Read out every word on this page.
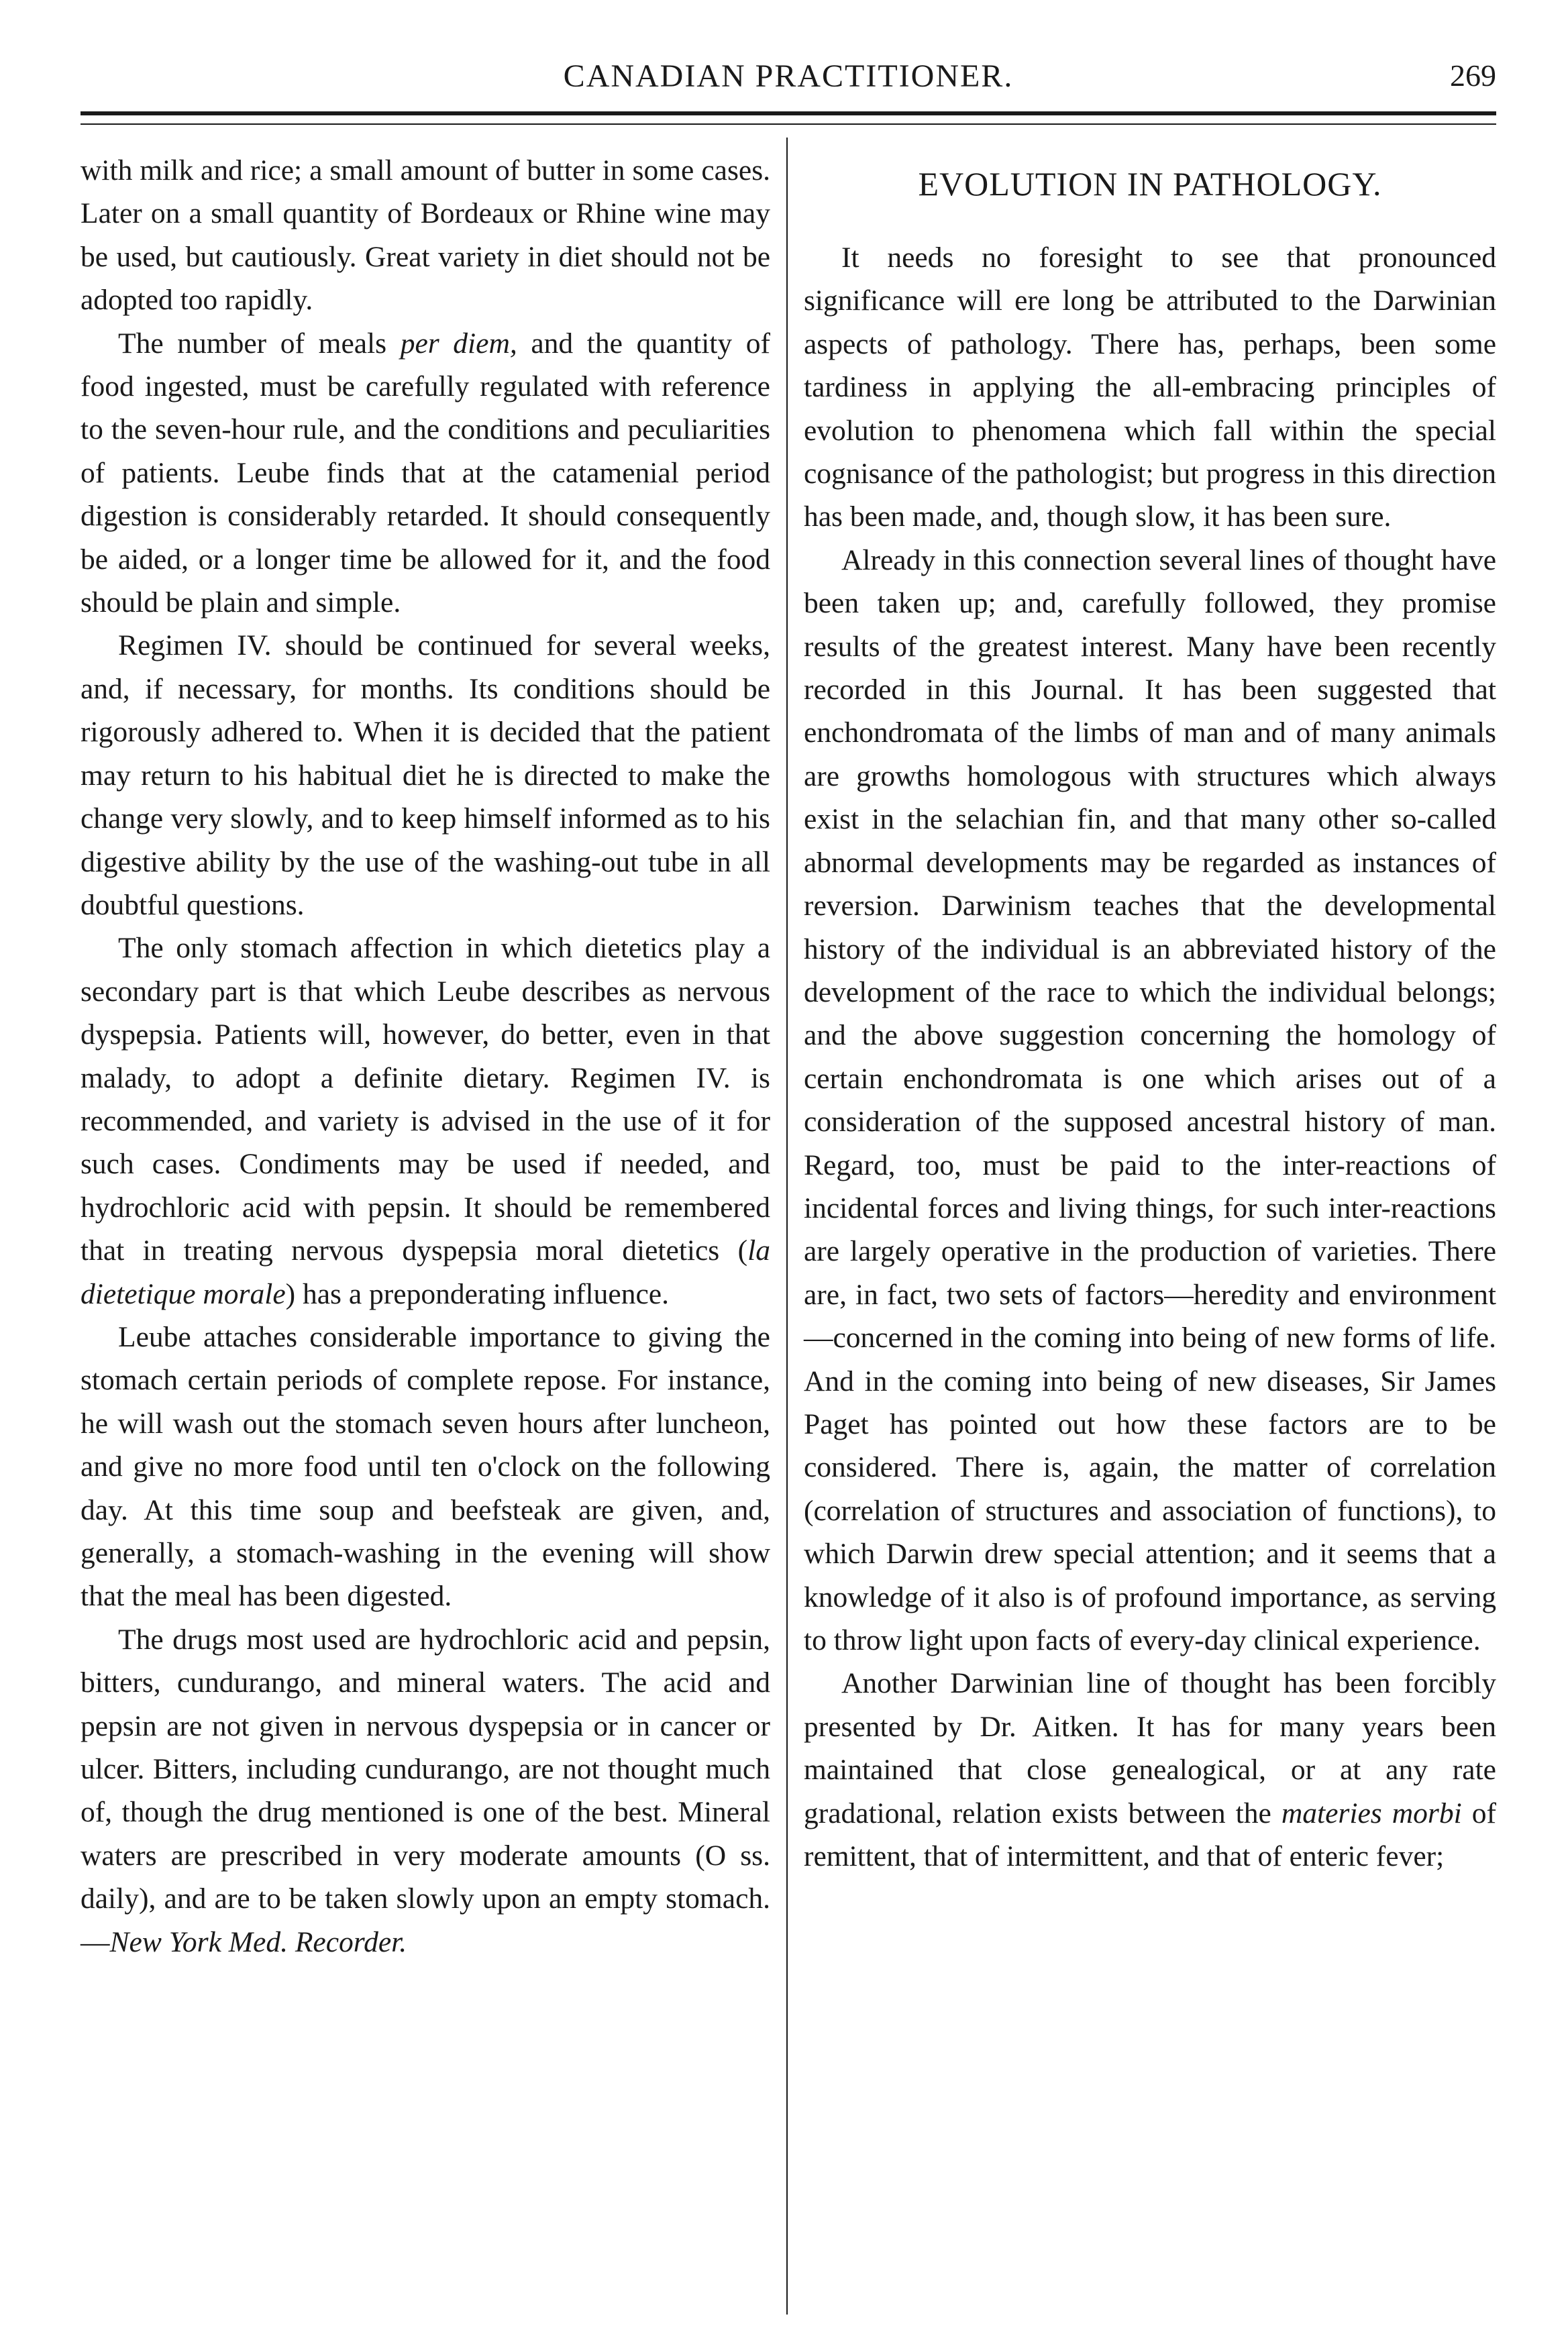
CANADIAN PRACTITIONER.	269

with milk and rice; a small amount of butter in some cases. Later on a small quantity of Bordeaux or Rhine wine may be used, but cautiously. Great variety in diet should not be adopted too rapidly.

The number of meals per diem, and the quantity of food ingested, must be carefully regulated with reference to the seven-hour rule, and the conditions and peculiarities of patients. Leube finds that at the catamenial period digestion is considerably retarded. It should consequently be aided, or a longer time be allowed for it, and the food should be plain and simple.

Regimen IV. should be continued for several weeks, and, if necessary, for months. Its conditions should be rigorously adhered to. When it is decided that the patient may return to his habitual diet he is directed to make the change very slowly, and to keep himself informed as to his digestive ability by the use of the washing-out tube in all doubtful questions.

The only stomach affection in which dietetics play a secondary part is that which Leube describes as nervous dyspepsia. Patients will, however, do better, even in that malady, to adopt a definite dietary. Regimen IV. is recommended, and variety is advised in the use of it for such cases. Condiments may be used if needed, and hydrochloric acid with pepsin. It should be remembered that in treating nervous dyspepsia moral dietetics (la dietetique morale) has a preponderating influence.

Leube attaches considerable importance to giving the stomach certain periods of complete repose. For instance, he will wash out the stomach seven hours after luncheon, and give no more food until ten o'clock on the following day. At this time soup and beefsteak are given, and, generally, a stomach-washing in the evening will show that the meal has been digested.

The drugs most used are hydrochloric acid and pepsin, bitters, cundurango, and mineral waters. The acid and pepsin are not given in nervous dyspepsia or in cancer or ulcer. Bitters, including cundurango, are not thought much of, though the drug mentioned is one of the best. Mineral waters are prescribed in very moderate amounts (O ss. daily), and are to be taken slowly upon an empty stomach.—New York Med. Recorder.

EVOLUTION IN PATHOLOGY.

It needs no foresight to see that pronounced significance will ere long be attributed to the Darwinian aspects of pathology. There has, perhaps, been some tardiness in applying the all-embracing principles of evolution to phenomena which fall within the special cognisance of the pathologist; but progress in this direction has been made, and, though slow, it has been sure.

Already in this connection several lines of thought have been taken up; and, carefully followed, they promise results of the greatest interest. Many have been recently recorded in this Journal. It has been suggested that enchondromata of the limbs of man and of many animals are growths homologous with structures which always exist in the selachian fin, and that many other so-called abnormal developments may be regarded as instances of reversion. Darwinism teaches that the developmental history of the individual is an abbreviated history of the development of the race to which the individual belongs; and the above suggestion concerning the homology of certain enchondromata is one which arises out of a consideration of the supposed ancestral history of man. Regard, too, must be paid to the inter-reactions of incidental forces and living things, for such inter-reactions are largely operative in the production of varieties. There are, in fact, two sets of factors—heredity and environment—concerned in the coming into being of new forms of life. And in the coming into being of new diseases, Sir James Paget has pointed out how these factors are to be considered. There is, again, the matter of correlation (correlation of structures and association of functions), to which Darwin drew special attention; and it seems that a knowledge of it also is of profound importance, as serving to throw light upon facts of every-day clinical experience.

Another Darwinian line of thought has been forcibly presented by Dr. Aitken. It has for many years been maintained that close genealogical, or at any rate gradational, relation exists between the materies morbi of remittent, that of intermittent, and that of enteric fever;
